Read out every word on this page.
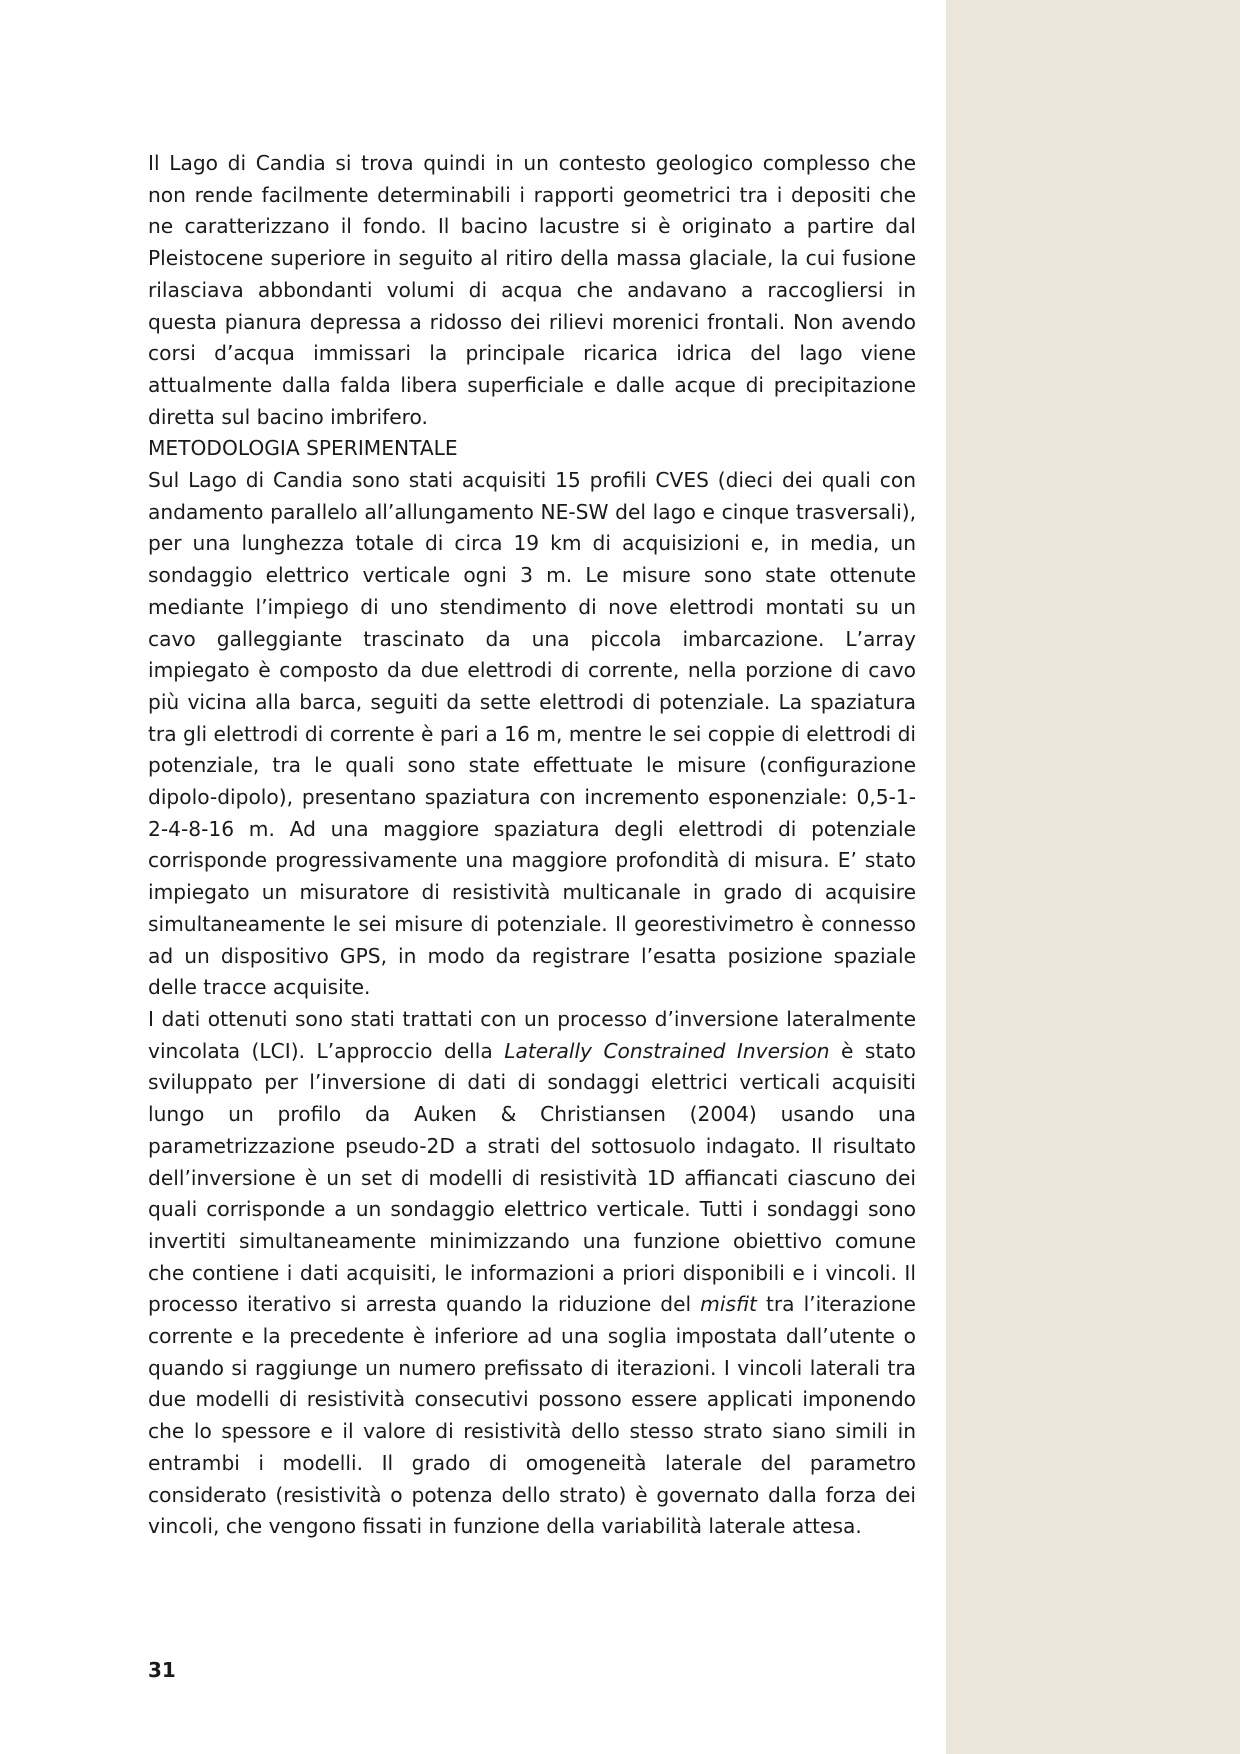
Il Lago di Candia si trova quindi in un contesto geologico complesso che non rende facilmente determinabili i rapporti geometrici tra i depositi che ne caratterizzano il fondo. Il bacino lacustre si è originato a partire dal Pleistocene superiore in seguito al ritiro della massa glaciale, la cui fusione rilasciava abbondanti volumi di acqua che andavano a raccogliersi in questa pianura depressa a ridosso dei rilievi morenici frontali. Non avendo corsi d’acqua immissari la principale ricarica idrica del lago viene attualmente dalla falda libera superficiale e dalle acque di precipitazione diretta sul bacino imbrifero.

METODOLOGIA SPERIMENTALE

Sul Lago di Candia sono stati acquisiti 15 profili CVES (dieci dei quali con andamento parallelo all’allungamento NE-SW del lago e cinque trasversali), per una lunghezza totale di circa 19 km di acquisizioni e, in media, un sondaggio elettrico verticale ogni 3 m. Le misure sono state ottenute mediante l’impiego di uno stendimento di nove elettrodi montati su un cavo galleggiante trascinato da una piccola imbarcazione. L’array impiegato è composto da due elettrodi di corrente, nella porzione di cavo più vicina alla barca, seguiti da sette elettrodi di potenziale. La spaziatura tra gli elettrodi di corrente è pari a 16 m, mentre le sei coppie di elettrodi di potenziale, tra le quali sono state effettuate le misure (configurazione dipolo-dipolo), presentano spaziatura con incremento esponenziale: 0,5-1-2-4-8-16 m. Ad una maggiore spaziatura degli elettrodi di potenziale corrisponde progressivamente una maggiore profondità di misura. E’ stato impiegato un misuratore di resistività multicanale in grado di acquisire simultaneamente le sei misure di potenziale. Il georestivimetro è connesso ad un dispositivo GPS, in modo da registrare l’esatta posizione spaziale delle tracce acquisite.

I dati ottenuti sono stati trattati con un processo d’inversione lateralmente vincolata (LCI). L’approccio della Laterally Constrained Inversion è stato sviluppato per l’inversione di dati di sondaggi elettrici verticali acquisiti lungo un profilo da Auken & Christiansen (2004) usando una parametrizzazione pseudo-2D a strati del sottosuolo indagato. Il risultato dell’inversione è un set di modelli di resistività 1D affiancati ciascuno dei quali corrisponde a un sondaggio elettrico verticale. Tutti i sondaggi sono invertiti simultaneamente minimizzando una funzione obiettivo comune che contiene i dati acquisiti, le informazioni a priori disponibili e i vincoli. Il processo iterativo si arresta quando la riduzione del misfit tra l’iterazione corrente e la precedente è inferiore ad una soglia impostata dall’utente o quando si raggiunge un numero prefissato di iterazioni. I vincoli laterali tra due modelli di resistività consecutivi possono essere applicati imponendo che lo spessore e il valore di resistività dello stesso strato siano simili in entrambi i modelli. Il grado di omogeneità laterale del parametro considerato (resistività o potenza dello strato) è governato dalla forza dei vincoli, che vengono fissati in funzione della variabilità laterale attesa.

31
